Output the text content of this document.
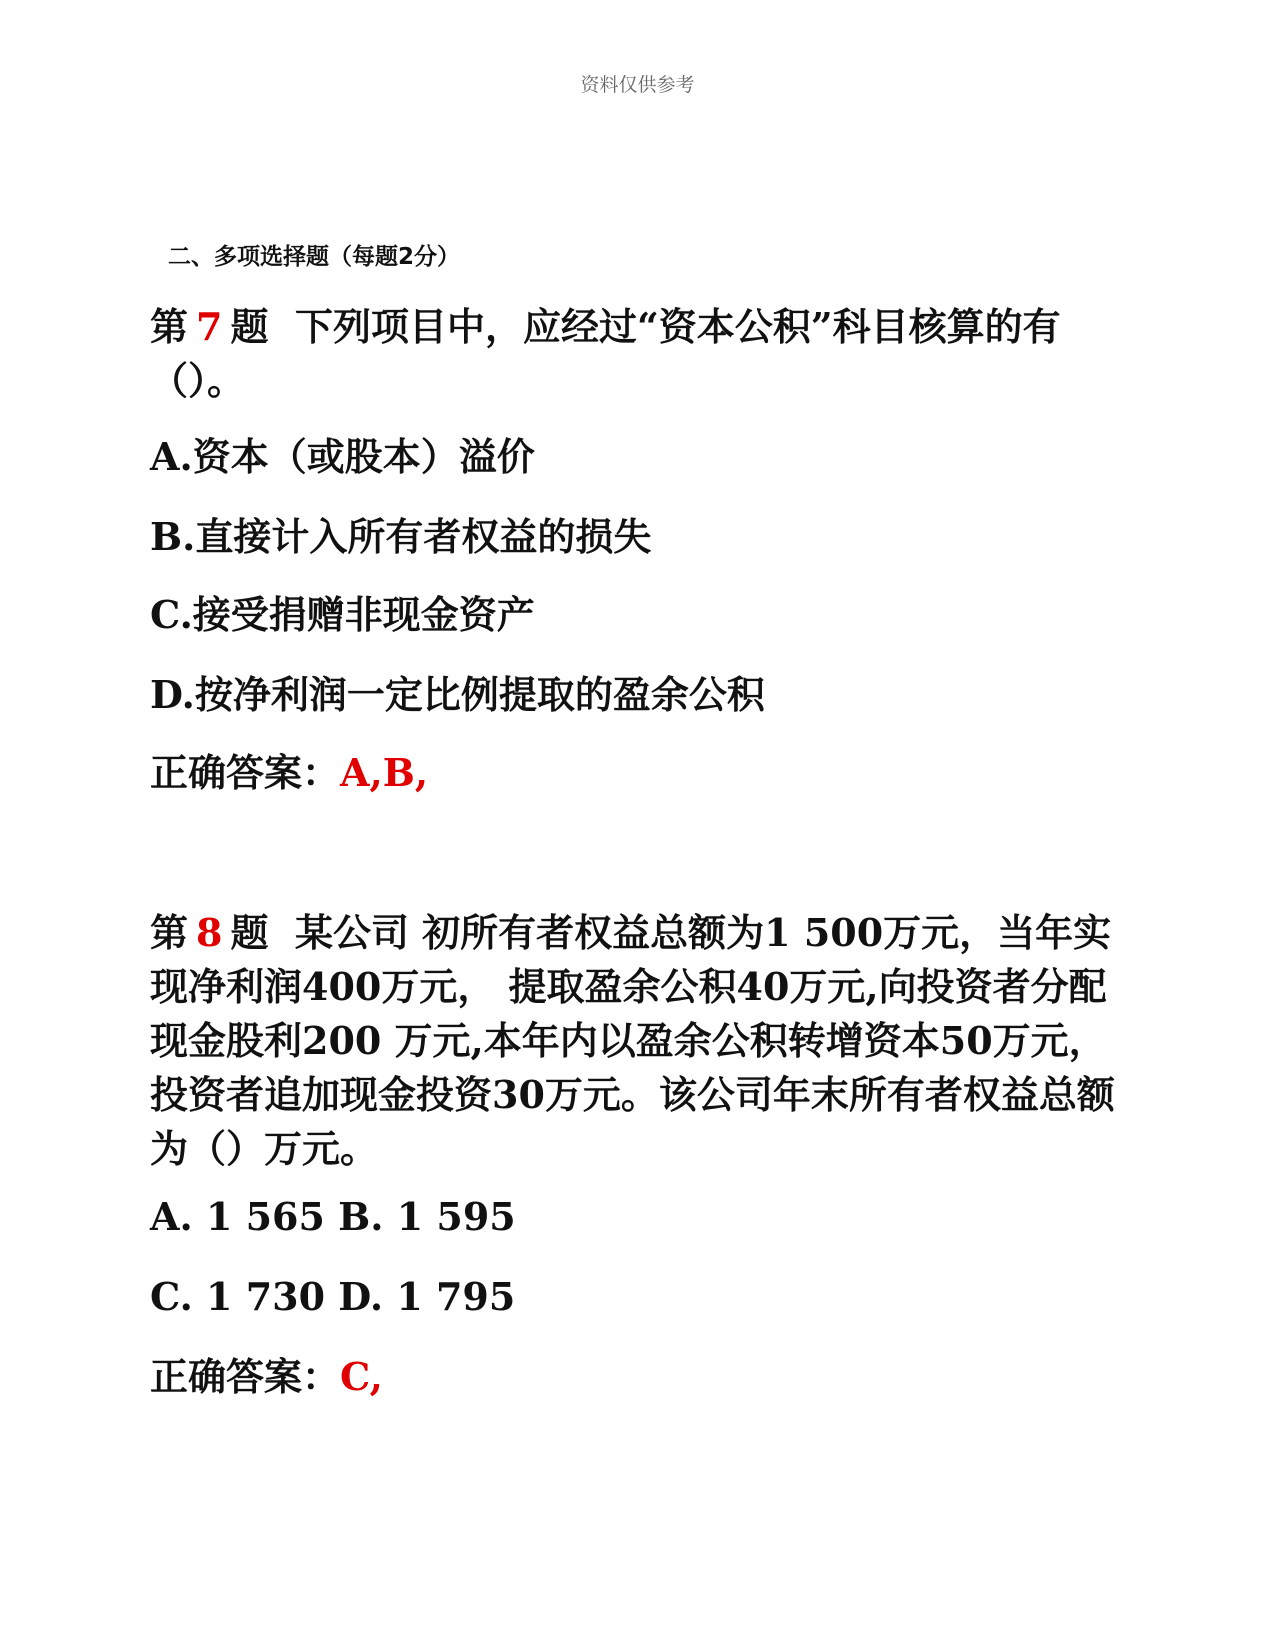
资料仅供参考
二、多项选择题（每题2分）
第 7 题 下列项目中，应经过“资本公积”科目核算的有（）。
A.资本（或股本）溢价
B.直接计入所有者权益的损失
C.接受捐赠非现金资产
D.按净利润一定比例提取的盈余公积
正确答案：A,B,
第 8 题 某公司 初所有者权益总额为1 500万元，当年实现净利润400万元， 提取盈余公积40万元,向投资者分配现金股利200 万元,本年内以盈余公积转增资本50万元，投资者追加现金投资30万元。该公司年末所有者权益总额为（）万元。
A. 1 565 B. 1 595
C. 1 730 D. 1 795
正确答案：C,
